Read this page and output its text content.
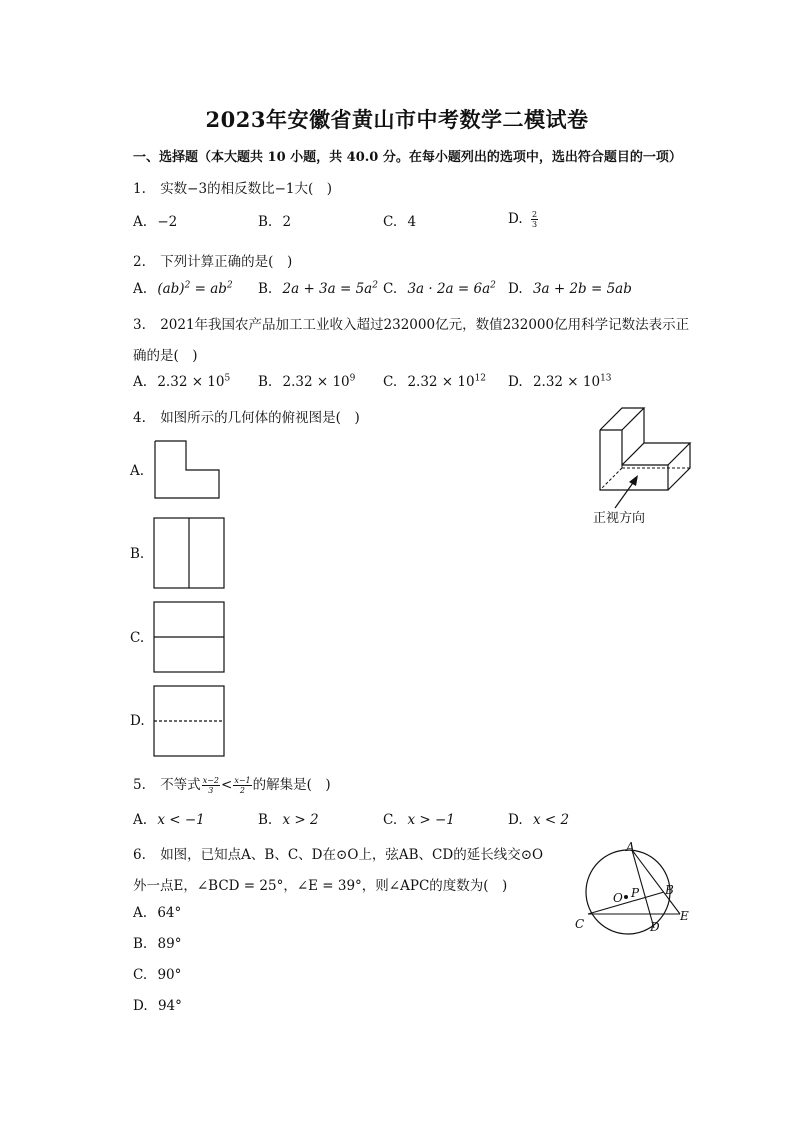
2023年安徽省黄山市中考数学二模试卷
一、选择题（本大题共 10 小题，共 40.0 分。在每小题列出的选项中，选出符合题目的一项）
1. 实数−3的相反数比−1大(　)
A. −2	B. 2	C. 4	D. $\frac{2}{3}$
2. 下列计算正确的是(　)
A. $(ab)^2 = ab^2$ B. $2a + 3a = 5a^2$ C. $3a \cdot 2a = 6a^2$ D. 3a + 2b = 5ab
3. 2021年我国农产品加工工业收入超过232000亿元，数值232000亿用科学记数法表示正
确的是(　)
A. $2.32 \times 10^5$ B. $2.32 \times 10^9$ C. $2.32 \times 10^{12}$ D. $2.32 \times 10^{13}$
4. 如图所示的几何体的俯视图是(　)
正视方向
A.
B.
C.
D.
5. 不等式 $\frac{x-2}{3} < \frac{x-1}{2}$ 的解集是(　)
A. x < −1	B. x > 2	C. x > −1	D. x < 2
6. 如图，已知点A、B、C、D在⊙O上，弦AB、CD的延长线交⊙O
外一点E，∠BCD = 25°，∠E = 39°，则∠APC的度数为(　)
A. 64°
B. 89°
C. 90°
D. 94°
A
B
C	D
E
O P
